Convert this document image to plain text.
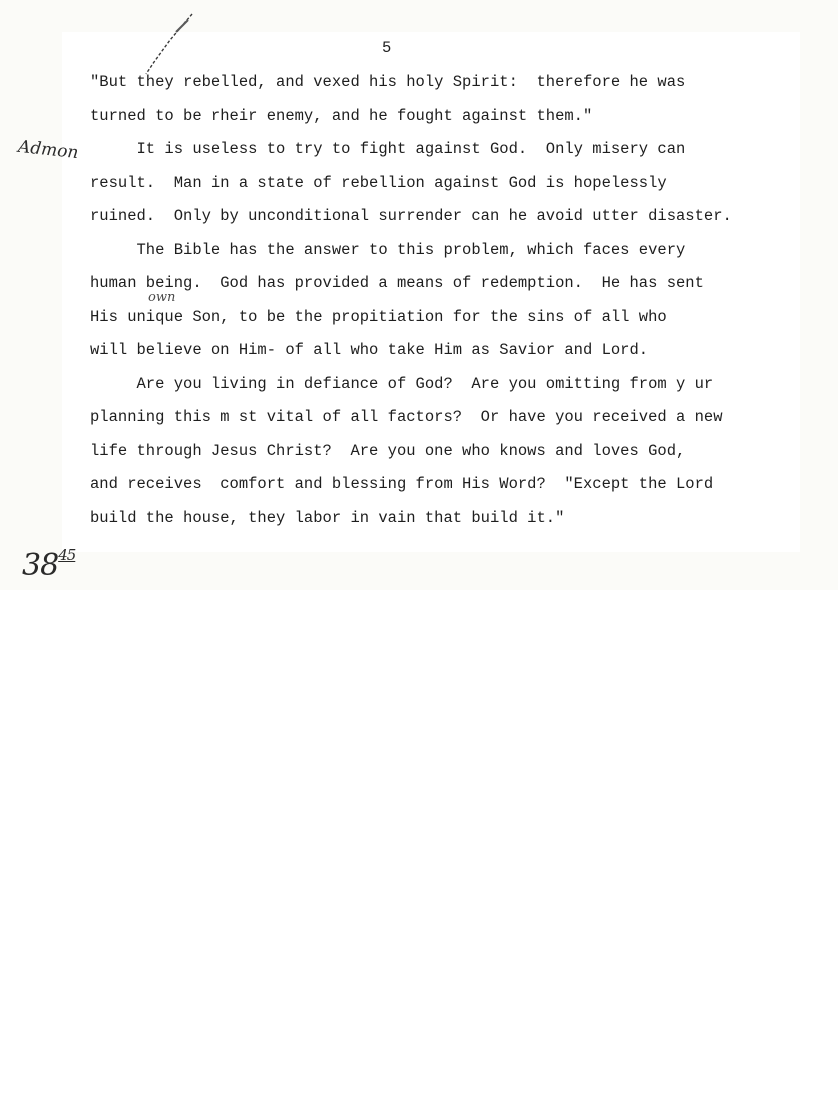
5
"But they rebelled, and vexed his holy Spirit:  therefore he was
turned to be rheir enemy, and he fought against them."
It is useless to try to fight against God.  Only misery can
result.  Man in a state of rebellion against God is hopelessly
ruined.  Only by unconditional surrender can he avoid utter disaster.
The Bible has the answer to this problem, which faces every
human being.  God has provided a means of redemption.  He has sent
His unique Son, to be the propitiation for the sins of all who
will believe on Him- of all who take Him as Savior and Lord.
Are you living in defiance of God?  Are you omitting from y ur
planning this m st vital of all factors?  Or have you received a new
life through Jesus Christ?  Are you one who knows and loves God,
and receives  comfort and blessing from His Word?  "Except the Lord
build the house, they labor in vain that build it."
Admon
own
$38^{45}$
